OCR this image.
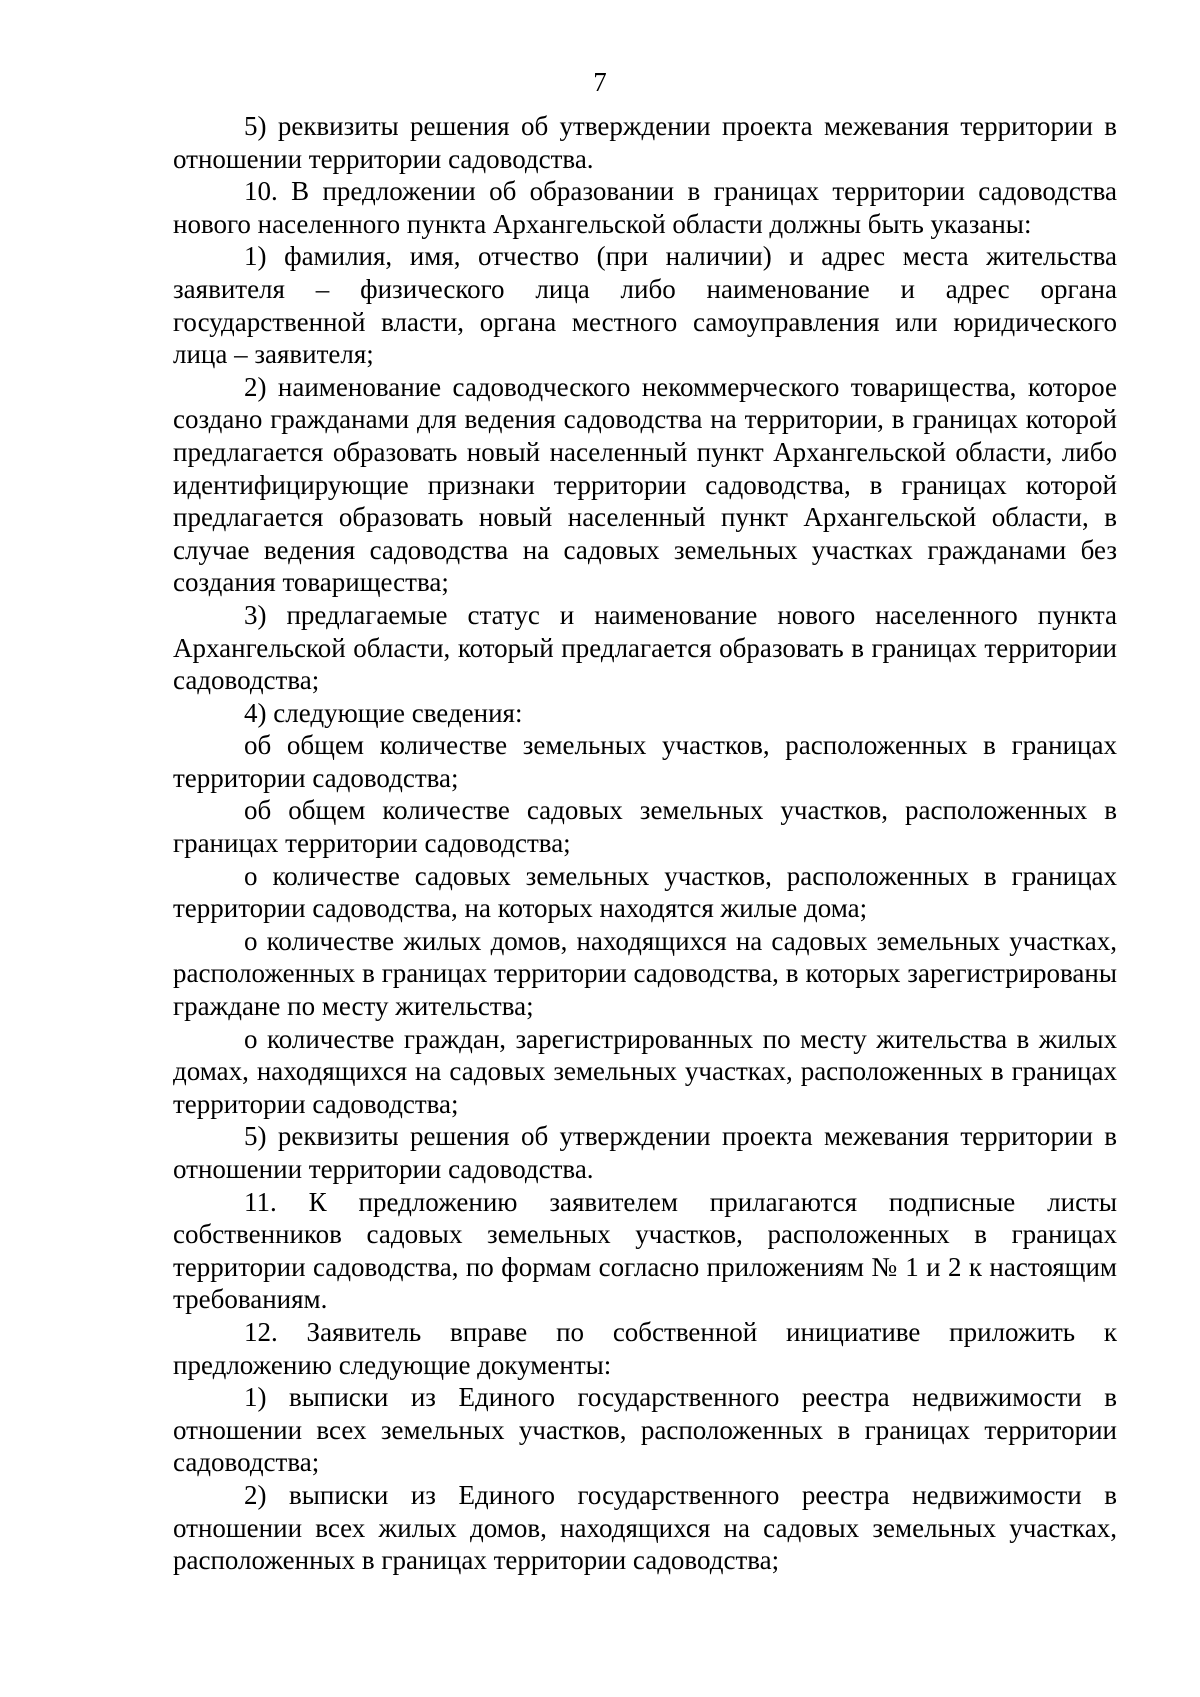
7

5) реквизиты решения об утверждении проекта межевания территории в отношении территории садоводства.

10. В предложении об образовании в границах территории садоводства нового населенного пункта Архангельской области должны быть указаны:

1) фамилия, имя, отчество (при наличии) и адрес места жительства заявителя – физического лица либо наименование и адрес органа государственной власти, органа местного самоуправления или юридического лица – заявителя;

2) наименование садоводческого некоммерческого товарищества, которое создано гражданами для ведения садоводства на территории, в границах которой предлагается образовать новый населенный пункт Архангельской области, либо идентифицирующие признаки территории садоводства, в границах которой предлагается образовать новый населенный пункт Архангельской области, в случае ведения садоводства на садовых земельных участках гражданами без создания товарищества;

3) предлагаемые статус и наименование нового населенного пункта Архангельской области, который предлагается образовать в границах территории садоводства;

4) следующие сведения:

об общем количестве земельных участков, расположенных в границах территории садоводства;

об общем количестве садовых земельных участков, расположенных в границах территории садоводства;

о количестве садовых земельных участков, расположенных в границах территории садоводства, на которых находятся жилые дома;

о количестве жилых домов, находящихся на садовых земельных участках, расположенных в границах территории садоводства, в которых зарегистрированы граждане по месту жительства;

о количестве граждан, зарегистрированных по месту жительства в жилых домах, находящихся на садовых земельных участках, расположенных в границах территории садоводства;

5) реквизиты решения об утверждении проекта межевания территории в отношении территории садоводства.

11. К предложению заявителем прилагаются подписные листы собственников садовых земельных участков, расположенных в границах территории садоводства, по формам согласно приложениям № 1 и 2 к настоящим требованиям.

12. Заявитель вправе по собственной инициативе приложить к предложению следующие документы:

1) выписки из Единого государственного реестра недвижимости в отношении всех земельных участков, расположенных в границах территории садоводства;

2) выписки из Единого государственного реестра недвижимости в отношении всех жилых домов, находящихся на садовых земельных участках, расположенных в границах территории садоводства;
